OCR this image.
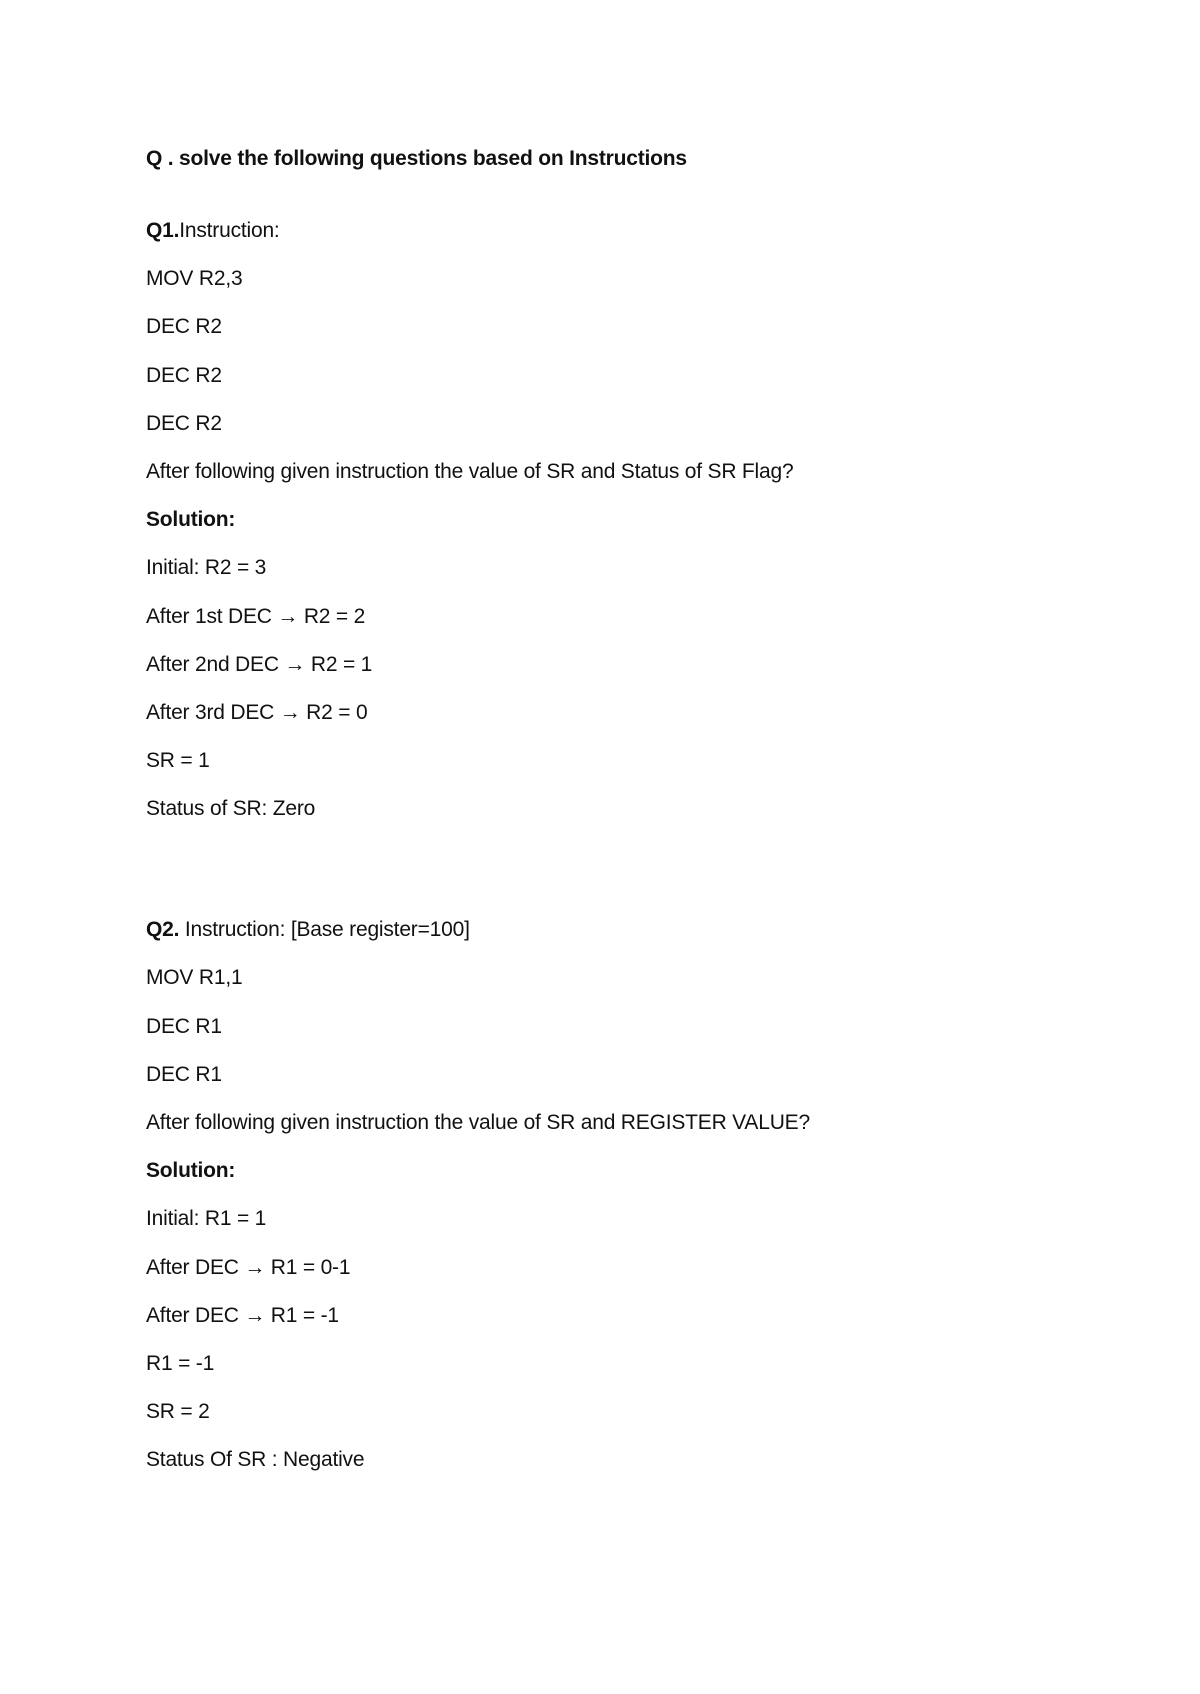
Q . solve the following questions based on Instructions
Q1.Instruction:
MOV R2,3
DEC R2
DEC R2
DEC R2
After following given instruction the value of SR and Status of SR Flag?
Solution:
Initial: R2 = 3
After 1st DEC → R2 = 2
After 2nd DEC → R2 = 1
After 3rd DEC → R2 = 0
SR = 1
Status of SR: Zero
Q2. Instruction: [Base register=100]
MOV R1,1
DEC R1
DEC R1
After following given instruction the value of SR and REGISTER VALUE?
Solution:
Initial: R1 = 1
After DEC → R1 = 0-1
After DEC → R1 = -1
R1 = -1
SR = 2
Status Of SR : Negative
